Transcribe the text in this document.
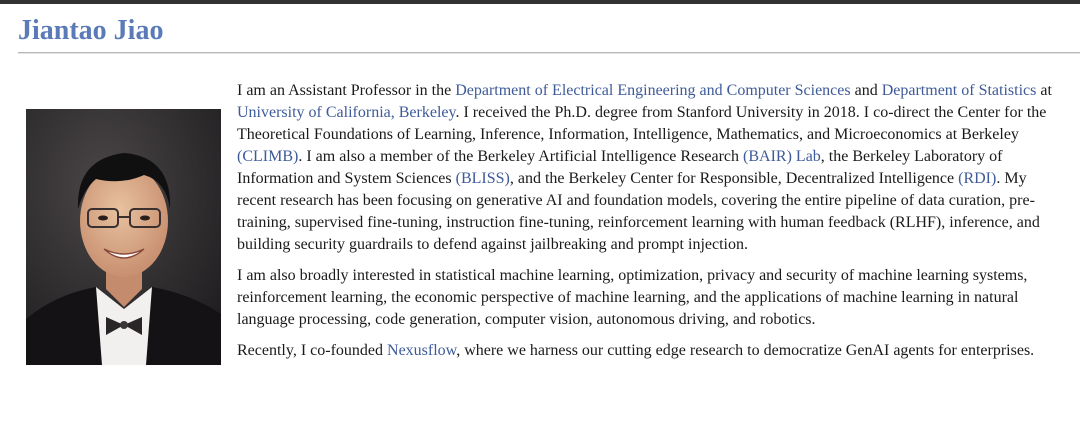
Jiantao Jiao

I am an Assistant Professor in the Department of Electrical Engineering and Computer Sciences and Department of Statistics at University of California, Berkeley. I received the Ph.D. degree from Stanford University in 2018. I co-direct the Center for the Theoretical Foundations of Learning, Inference, Information, Intelligence, Mathematics, and Microeconomics at Berkeley (CLIMB). I am also a member of the Berkeley Artificial Intelligence Research (BAIR) Lab, the Berkeley Laboratory of Information and System Sciences (BLISS), and the Berkeley Center for Responsible, Decentralized Intelligence (RDI). My recent research has been focusing on generative AI and foundation models, covering the entire pipeline of data curation, pre-training, supervised fine-tuning, instruction fine-tuning, reinforcement learning with human feedback (RLHF), inference, and building security guardrails to defend against jailbreaking and prompt injection.

I am also broadly interested in statistical machine learning, optimization, privacy and security of machine learning systems, reinforcement learning, the economic perspective of machine learning, and the applications of machine learning in natural language processing, code generation, computer vision, autonomous driving, and robotics.

Recently, I co-founded Nexusflow, where we harness our cutting edge research to democratize GenAI agents for enterprises.
